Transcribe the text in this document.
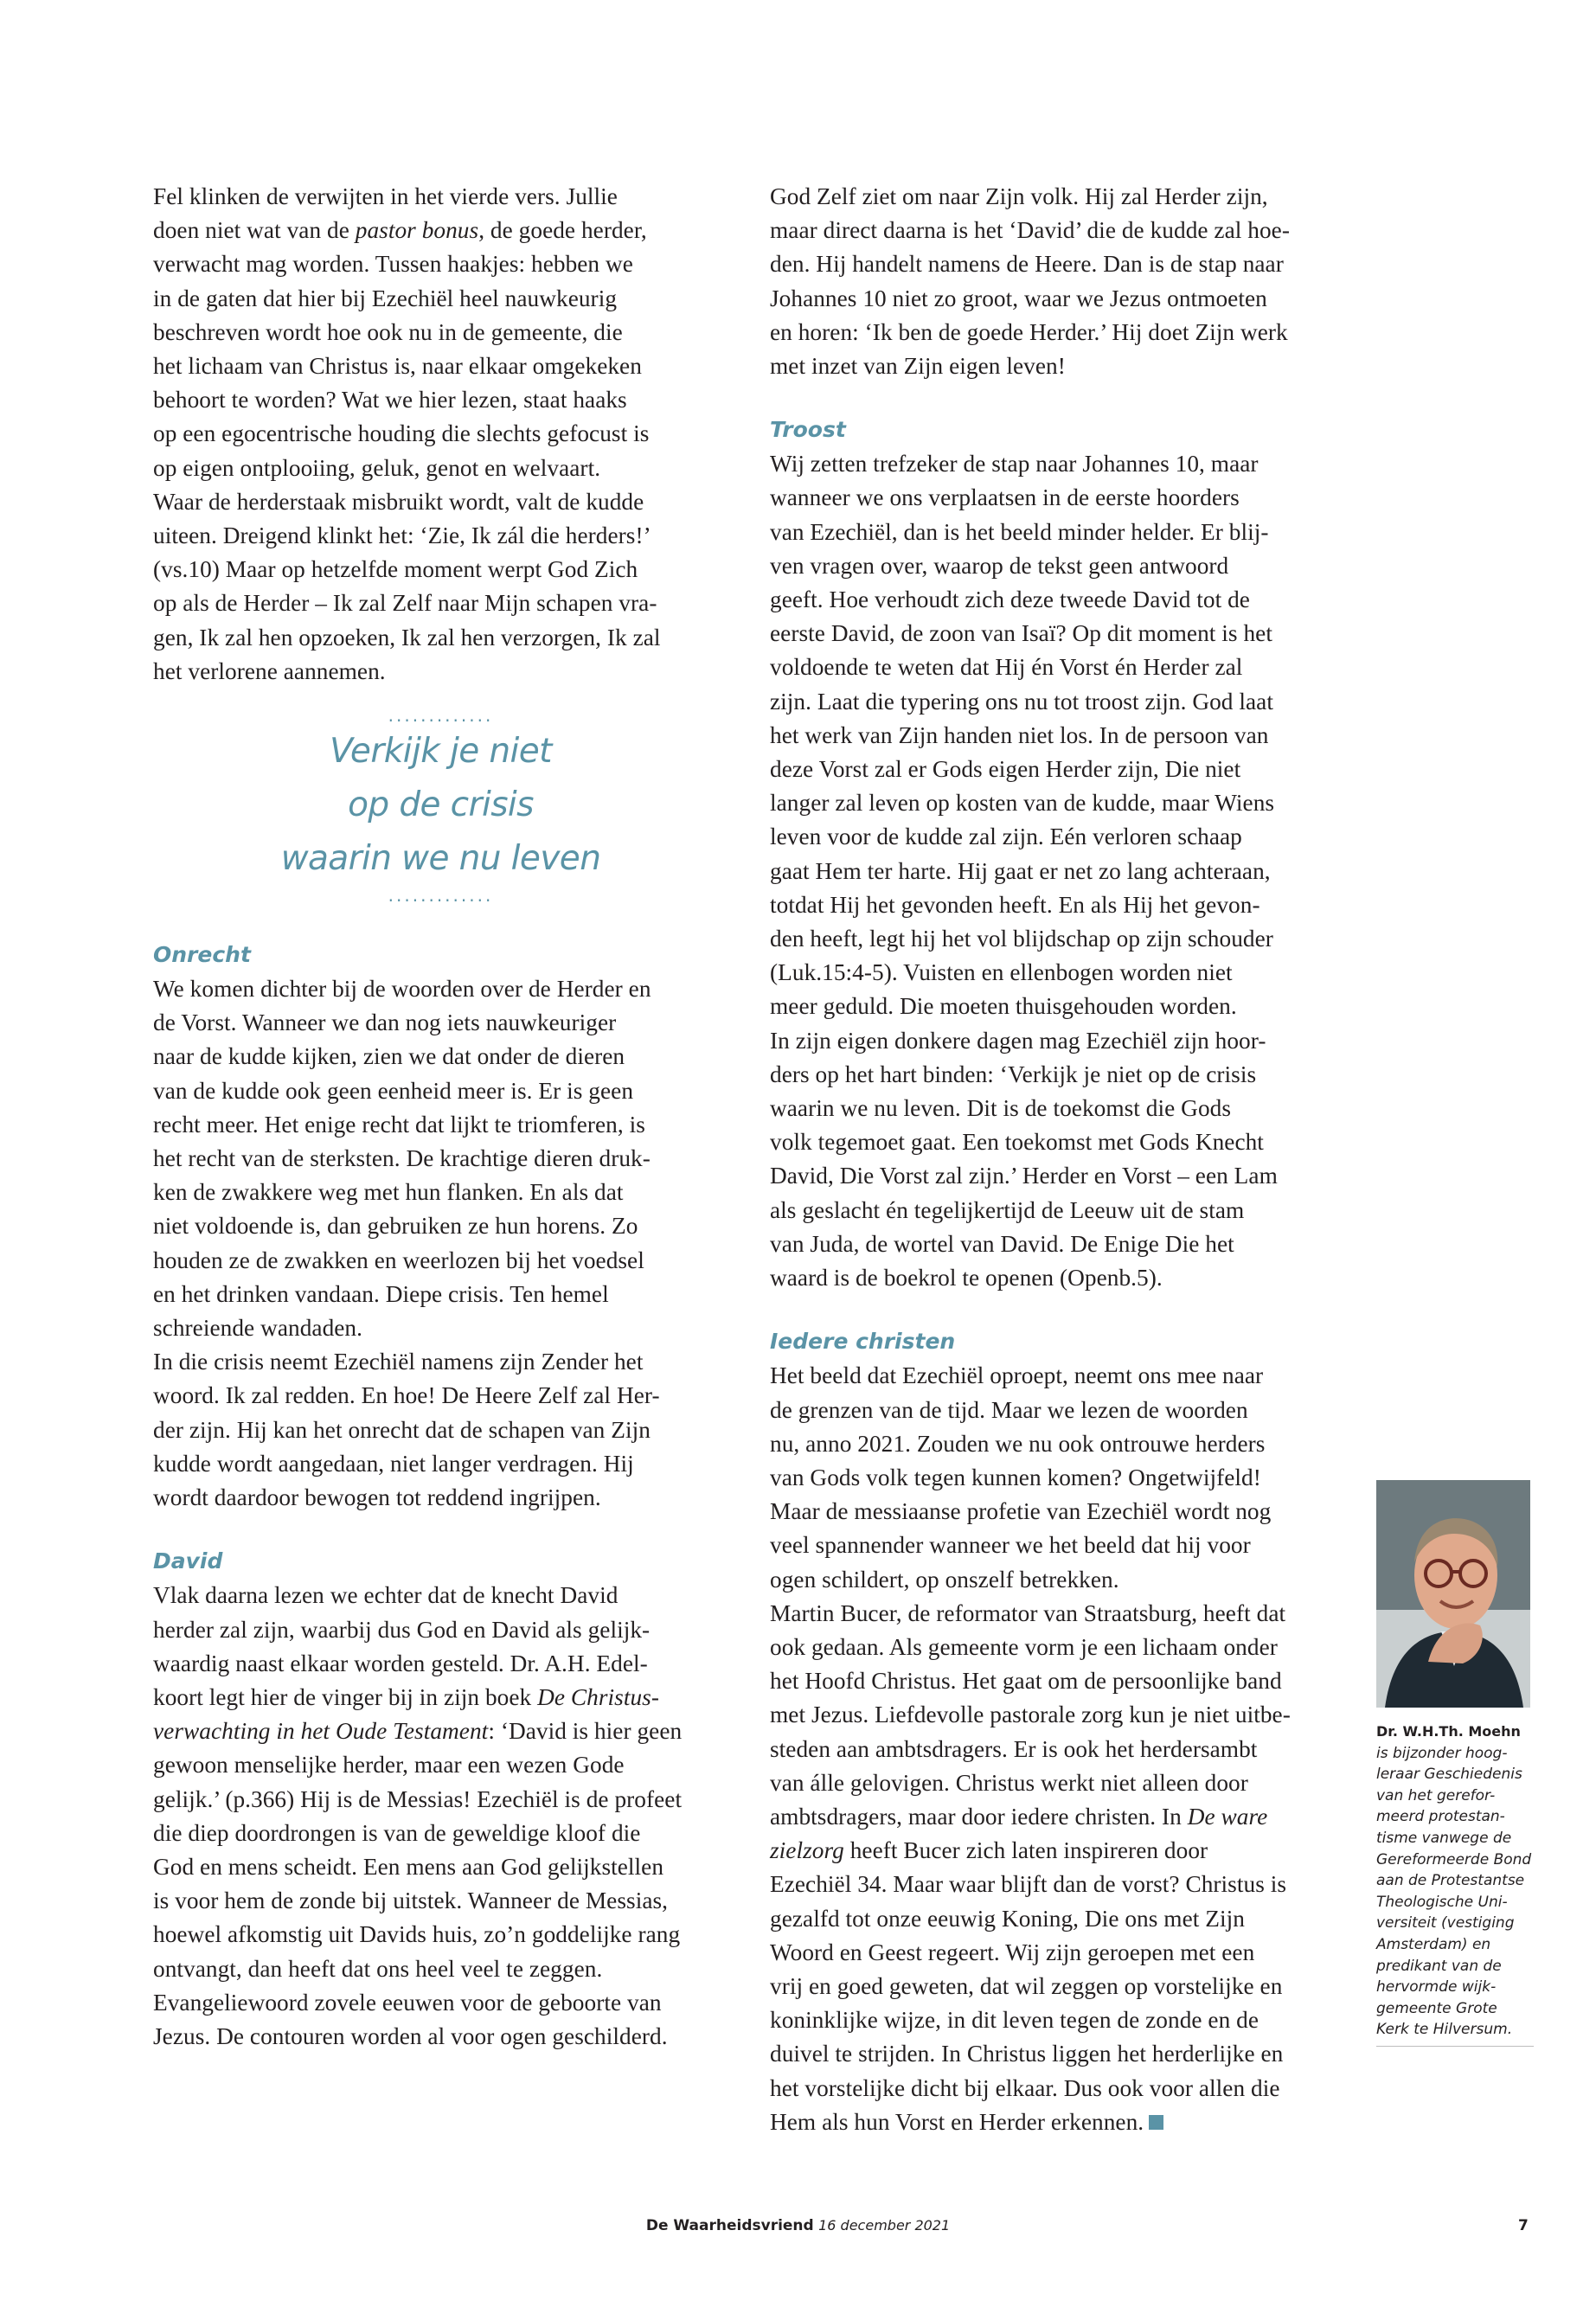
Fel klinken de verwijten in het vierde vers. Jullie
doen niet wat van de pastor bonus, de goede herder,
verwacht mag worden. Tussen haakjes: hebben we
in de gaten dat hier bij Ezechiël heel nauwkeurig
beschreven wordt hoe ook nu in de gemeente, die
het lichaam van Christus is, naar elkaar omgekeken
behoort te worden? Wat we hier lezen, staat haaks
op een egocentrische houding die slechts gefocust is
op eigen ontplooiing, geluk, genot en welvaart.
Waar de herderstaak misbruikt wordt, valt de kudde
uiteen. Dreigend klinkt het: ‘Zie, Ik zál die herders!’
(vs.10) Maar op hetzelfde moment werpt God Zich
op als de Herder – Ik zal Zelf naar Mijn schapen vra-
gen, Ik zal hen opzoeken, Ik zal hen verzorgen, Ik zal
het verlorene aannemen.

.............
Verkijk je niet
op de crisis
waarin we nu leven
.............
Onrecht

We komen dichter bij de woorden over de Herder en
de Vorst. Wanneer we dan nog iets nauwkeuriger
naar de kudde kijken, zien we dat onder de dieren
van de kudde ook geen eenheid meer is. Er is geen
recht meer. Het enige recht dat lijkt te triomferen, is
het recht van de sterksten. De krachtige dieren druk-
ken de zwakkere weg met hun flanken. En als dat
niet voldoende is, dan gebruiken ze hun horens. Zo
houden ze de zwakken en weerlozen bij het voedsel
en het drinken vandaan. Diepe crisis. Ten hemel
schreiende wandaden.
In die crisis neemt Ezechiël namens zijn Zender het
woord. Ik zal redden. En hoe! De Heere Zelf zal Her-
der zijn. Hij kan het onrecht dat de schapen van Zijn
kudde wordt aangedaan, niet langer verdragen. Hij
wordt daardoor bewogen tot reddend ingrijpen.

David

Vlak daarna lezen we echter dat de knecht David
herder zal zijn, waarbij dus God en David als gelijk-
waardig naast elkaar worden gesteld. Dr. A.H. Edel-
koort legt hier de vinger bij in zijn boek De Christus-
verwachting in het Oude Testament: ‘David is hier geen
gewoon menselijke herder, maar een wezen Gode
gelijk.’ (p.366) Hij is de Messias! Ezechiël is de profeet
die diep doordrongen is van de geweldige kloof die
God en mens scheidt. Een mens aan God gelijkstellen
is voor hem de zonde bij uitstek. Wanneer de Messias,
hoewel afkomstig uit Davids huis, zo’n goddelijke rang
ontvangt, dan heeft dat ons heel veel te zeggen.
Evangeliewoord zovele eeuwen voor de geboorte van
Jezus. De contouren worden al voor ogen geschilderd.

God Zelf ziet om naar Zijn volk. Hij zal Herder zijn,
maar direct daarna is het ‘David’ die de kudde zal hoe-
den. Hij handelt namens de Heere. Dan is de stap naar
Johannes 10 niet zo groot, waar we Jezus ontmoeten
en horen: ‘Ik ben de goede Herder.’ Hij doet Zijn werk
met inzet van Zijn eigen leven!

Troost

Wij zetten trefzeker de stap naar Johannes 10, maar
wanneer we ons verplaatsen in de eerste hoorders
van Ezechiël, dan is het beeld minder helder. Er blij-
ven vragen over, waarop de tekst geen antwoord
geeft. Hoe verhoudt zich deze tweede David tot de
eerste David, de zoon van Isaï? Op dit moment is het
voldoende te weten dat Hij én Vorst én Herder zal
zijn. Laat die typering ons nu tot troost zijn. God laat
het werk van Zijn handen niet los. In de persoon van
deze Vorst zal er Gods eigen Herder zijn, Die niet
langer zal leven op kosten van de kudde, maar Wiens
leven voor de kudde zal zijn. Eén verloren schaap
gaat Hem ter harte. Hij gaat er net zo lang achteraan,
totdat Hij het gevonden heeft. En als Hij het gevon-
den heeft, legt hij het vol blijdschap op zijn schouder
(Luk.15:4-5). Vuisten en ellenbogen worden niet
meer geduld. Die moeten thuisgehouden worden.
In zijn eigen donkere dagen mag Ezechiël zijn hoor-
ders op het hart binden: ‘Verkijk je niet op de crisis
waarin we nu leven. Dit is de toekomst die Gods
volk tegemoet gaat. Een toekomst met Gods Knecht
David, Die Vorst zal zijn.’ Herder en Vorst – een Lam
als geslacht én tegelijkertijd de Leeuw uit de stam
van Juda, de wortel van David. De Enige Die het
waard is de boekrol te openen (Openb.5).

Iedere christen

Het beeld dat Ezechiël oproept, neemt ons mee naar
de grenzen van de tijd. Maar we lezen de woorden
nu, anno 2021. Zouden we nu ook ontrouwe herders
van Gods volk tegen kunnen komen? Ongetwijfeld!
Maar de messiaanse profetie van Ezechiël wordt nog
veel spannender wanneer we het beeld dat hij voor
ogen schildert, op onszelf betrekken.
Martin Bucer, de reformator van Straatsburg, heeft dat
ook gedaan. Als gemeente vorm je een lichaam onder
het Hoofd Christus. Het gaat om de persoonlijke band
met Jezus. Liefdevolle pastorale zorg kun je niet uitbe-
steden aan ambtsdragers. Er is ook het herdersambt
van álle gelovigen. Christus werkt niet alleen door
ambtsdragers, maar door iedere christen. In De ware
zielzorg heeft Bucer zich laten inspireren door
Ezechiël 34. Maar waar blijft dan de vorst? Christus is
gezalfd tot onze eeuwig Koning, Die ons met Zijn
Woord en Geest regeert. Wij zijn geroepen met een
vrij en goed geweten, dat wil zeggen op vorstelijke en
koninklijke wijze, in dit leven tegen de zonde en de
duivel te strijden. In Christus liggen het herderlijke en
het vorstelijke dicht bij elkaar. Dus ook voor allen die
Hem als hun Vorst en Herder erkennen.

Dr. W.H.Th. Moehn
is bijzonder hoog-
leraar Geschiedenis
van het gerefor-
meerd protestan-
tisme vanwege de
Gereformeerde Bond
aan de Protestantse
Theologische Uni-
versiteit (vestiging
Amsterdam) en
predikant van de
hervormde wijk-
gemeente Grote
Kerk te Hilversum.
De Waarheidsvriend 16 december 2021	7
